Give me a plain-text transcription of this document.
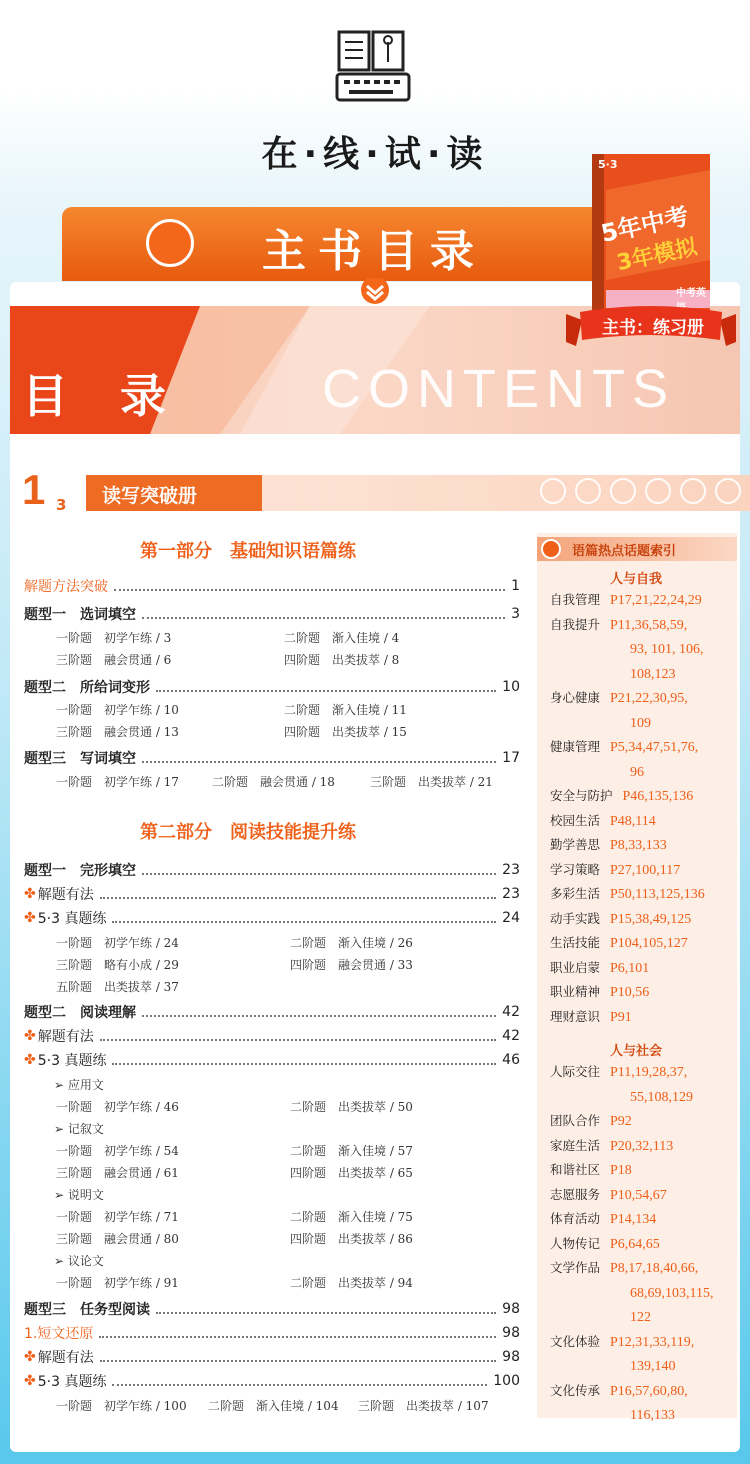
在·线·试·读
主书目录
目 录	CONTENTS
5·3
5年中考
3年模拟
中考英
主书：练习册
1 3 读写突破册
第一部分　基础知识语篇练
解题方法突破	1
题型一　选词填空	3
一阶题　初学乍练 / 3	二阶题　渐入佳境 / 4
三阶题　融会贯通 / 6	四阶题　出类拔萃 / 8
题型二　所给词变形	10
一阶题　初学乍练 / 10	二阶题　渐入佳境 / 11
三阶题　融会贯通 / 13	四阶题　出类拔萃 / 15
题型三　写词填空	17
一阶题　初学乍练 / 17	二阶题　融会贯通 / 18	三阶题　出类拔萃 / 21
第二部分　阅读技能提升练
题型一　完形填空	23
✤ 解题有法	23
✤ 5·3 真题练	24
一阶题　初学乍练 / 24	二阶题　渐入佳境 / 26
三阶题　略有小成 / 29	四阶题　融会贯通 / 33
五阶题　出类拔萃 / 37
题型二　阅读理解	42
✤ 解题有法	42
✤ 5·3 真题练	46
➢ 应用文
一阶题　初学乍练 / 46	二阶题　出类拔萃 / 50
➢ 记叙文
一阶题　初学乍练 / 54	二阶题　渐入佳境 / 57
三阶题　融会贯通 / 61	四阶题　出类拔萃 / 65
➢ 说明文
一阶题　初学乍练 / 71	二阶题　渐入佳境 / 75
三阶题　融会贯通 / 80	四阶题　出类拔萃 / 86
➢ 议论文
一阶题　初学乍练 / 91	二阶题　出类拔萃 / 94
题型三　任务型阅读	98
1.短文还原	98
✤ 解题有法	98
✤ 5·3 真题练	100
一阶题　初学乍练 / 100 二阶题　渐入佳境 / 104 三阶题　出类拔萃 / 107
语篇热点话题索引
人与自我
人与社会
自我管理 P17,21,22,24,29
自我提升 P11,36,58,59,
93, 101, 106,
108,123
身心健康 P21,22,30,95,
109
健康管理 P5,34,47,51,76,
96
安全与防护 P46,135,136
校园生活 P48,114
勤学善思 P8,33,133
学习策略 P27,100,117
多彩生活 P50,113,125,136
动手实践 P15,38,49,125
生活技能 P104,105,127
职业启蒙 P6,101
职业精神 P10,56
理财意识 P91
人际交往 P11,19,28,37,
55,108,129
团队合作 P92
家庭生活 P20,32,113
和谐社区 P18
志愿服务 P10,54,67
体育活动 P14,134
人物传记 P6,64,65
文学作品 P8,17,18,40,66,
68,69,103,115,
122
文化体验 P12,31,33,119,
139,140
文化传承 P16,57,60,80,
116,133
